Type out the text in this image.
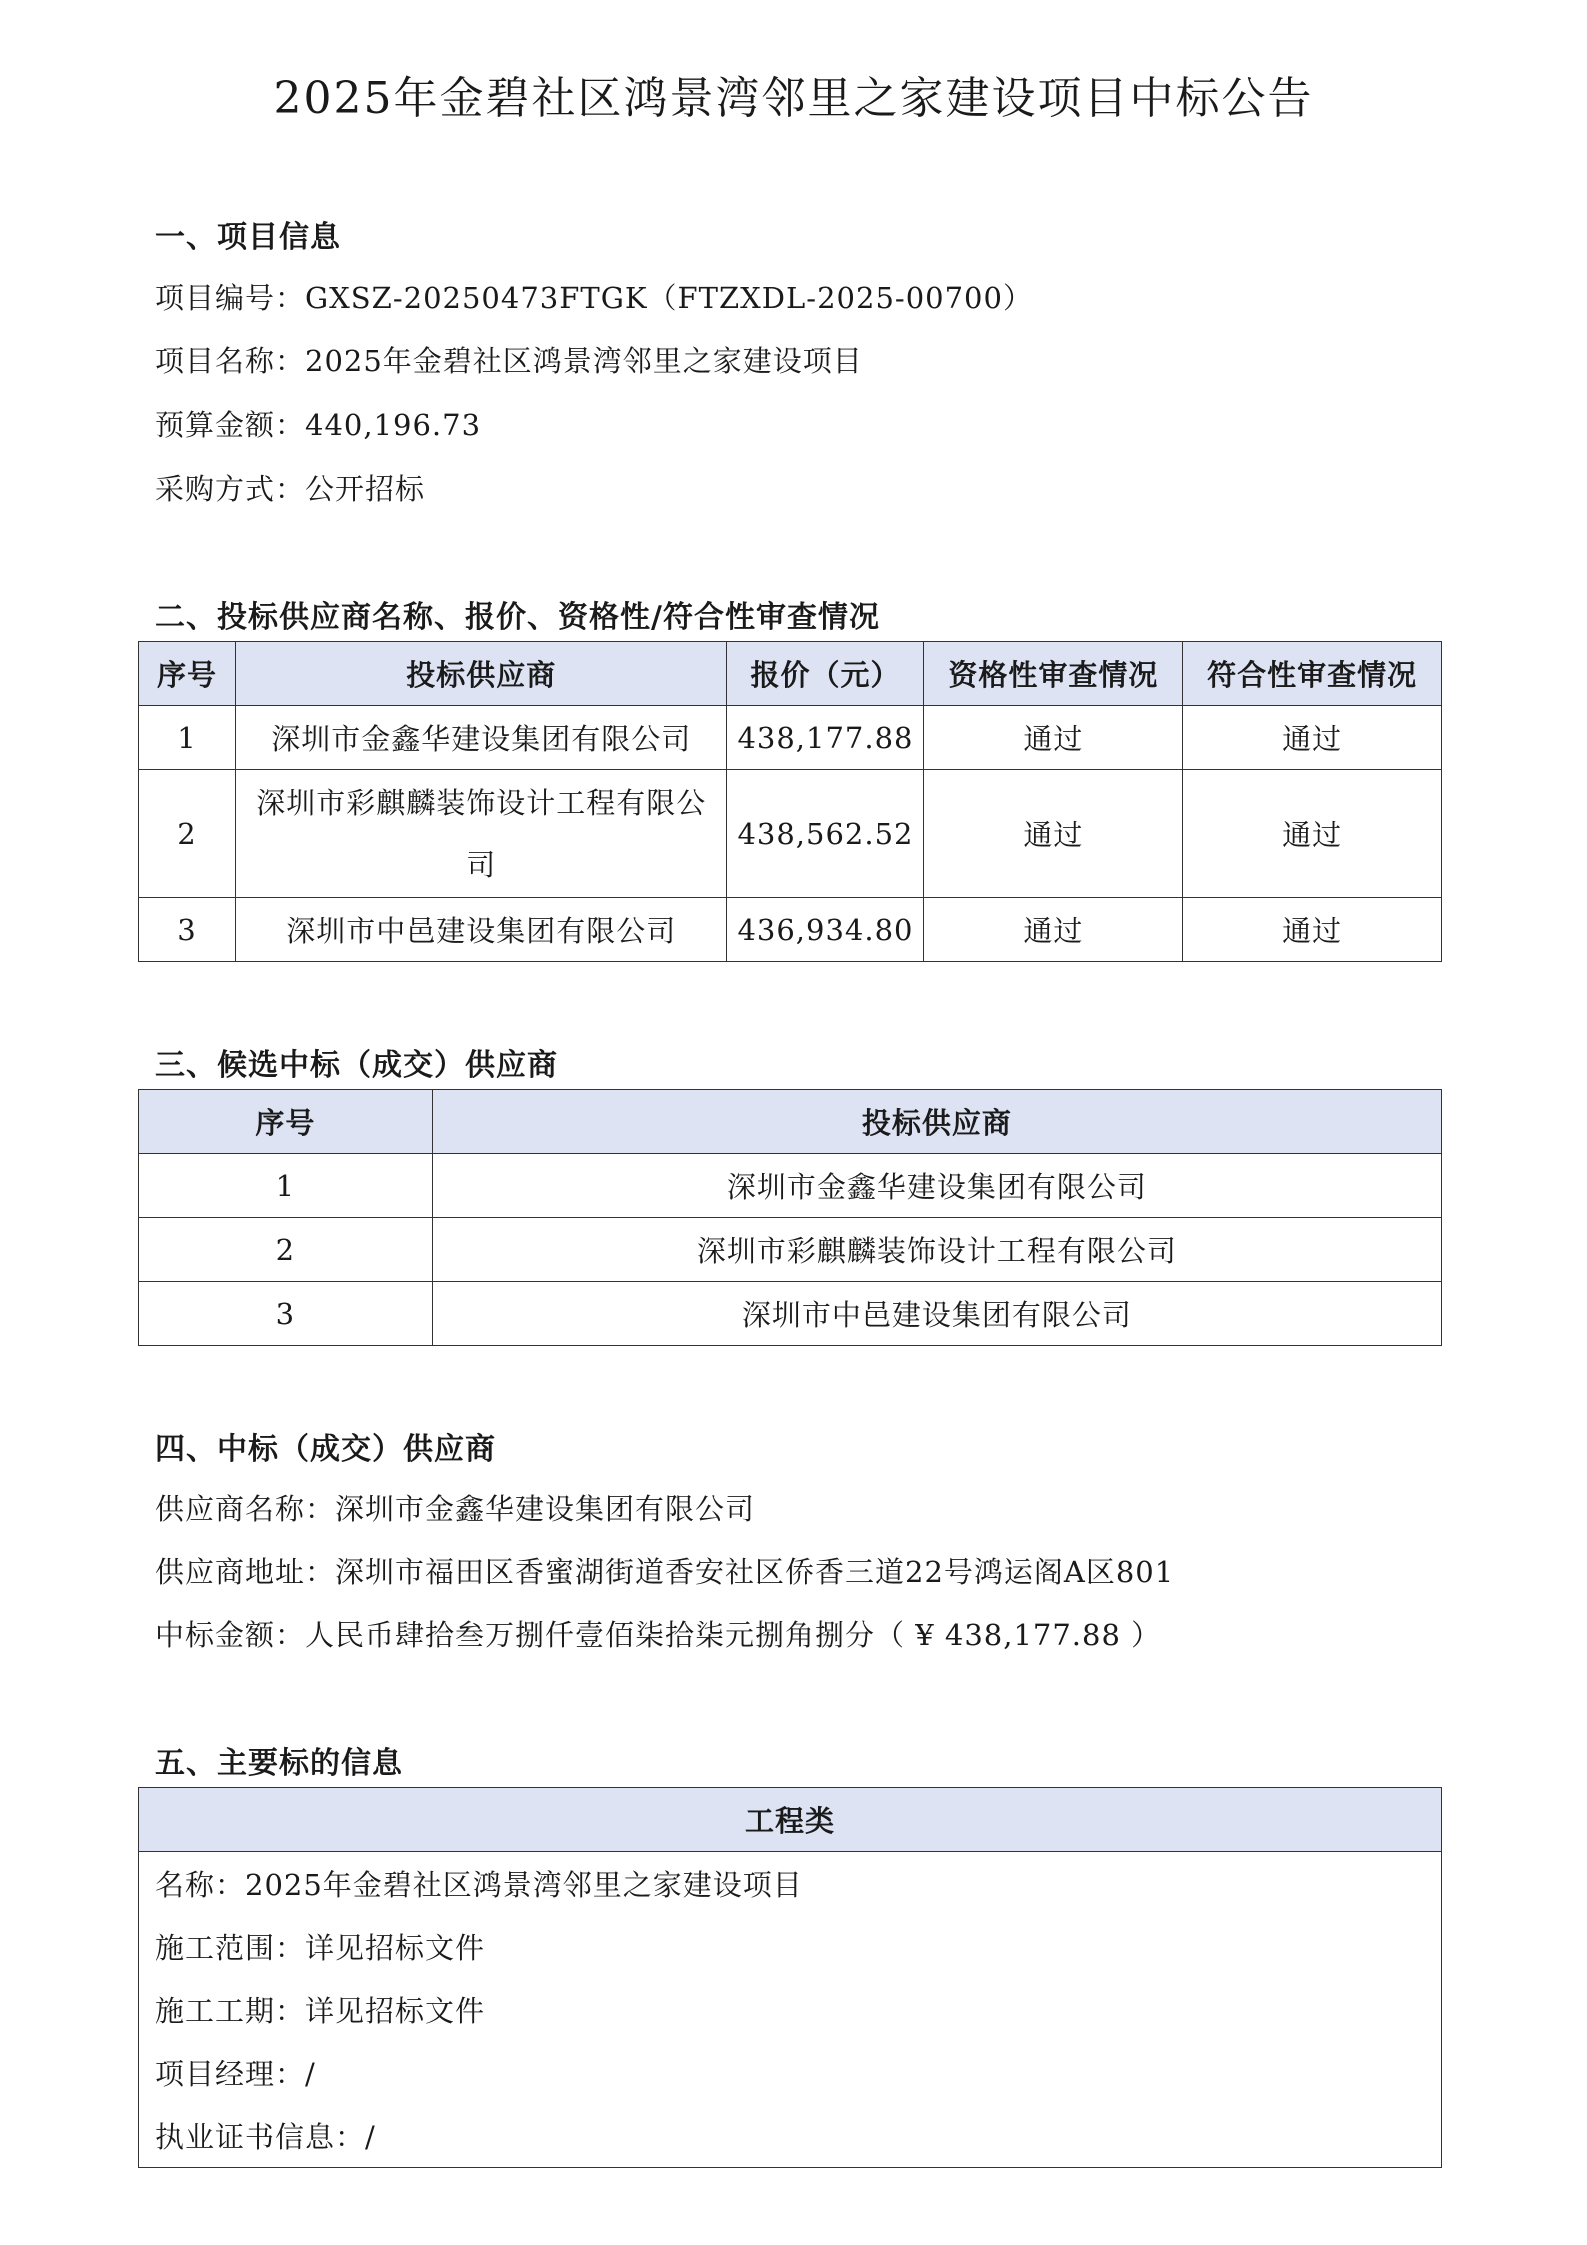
2025年金碧社区鸿景湾邻里之家建设项目中标公告
一、项目信息
项目编号：GXSZ-20250473FTGK（FTZXDL-2025-00700）
项目名称：2025年金碧社区鸿景湾邻里之家建设项目
预算金额：440,196.73
采购方式：公开招标
二、投标供应商名称、报价、资格性/符合性审查情况
序号	投标供应商	报价（元）	资格性审查情况	符合性审查情况
1	深圳市金鑫华建设集团有限公司	438,177.88	通过	通过
2	深圳市彩麒麟装饰设计工程有限公司	438,562.52	通过	通过
3	深圳市中邑建设集团有限公司	436,934.80	通过	通过
三、候选中标（成交）供应商
序号	投标供应商
1	深圳市金鑫华建设集团有限公司
2	深圳市彩麒麟装饰设计工程有限公司
3	深圳市中邑建设集团有限公司
四、中标（成交）供应商
供应商名称：深圳市金鑫华建设集团有限公司
供应商地址：深圳市福田区香蜜湖街道香安社区侨香三道22号鸿运阁A区801
中标金额：人民币肆拾叁万捌仟壹佰柒拾柒元捌角捌分（ ¥ 438,177.88 ）
五、主要标的信息
工程类
名称：2025年金碧社区鸿景湾邻里之家建设项目
施工范围：详见招标文件
施工工期：详见招标文件
项目经理：/
执业证书信息：/
